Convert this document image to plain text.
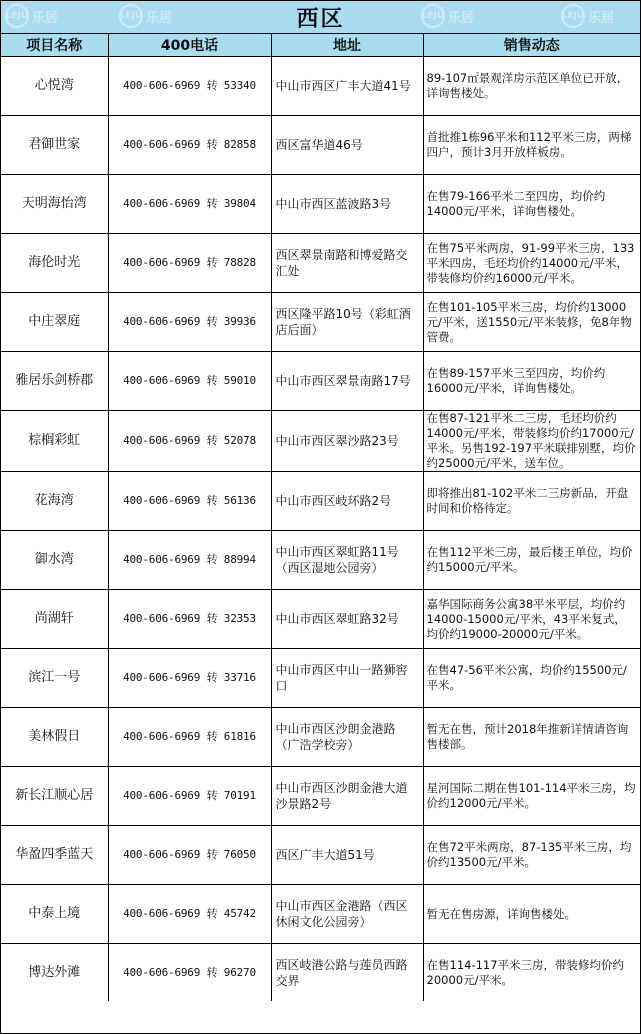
LEJU 乐居	LEJU 乐居	LEJU 乐居	LEJU 乐居
西区
项目名称	400电话	地址	销售动态
心悦湾	400-606-6969 转 53340	中山市西区广丰大道41号	89-107㎡景观洋房示范区单位已开放，详询售楼处。
君御世家	400-606-6969 转 82858	西区富华道46号	首批推1栋96平米和112平米三房，两梯四户，预计3月开放样板房。
天明海怡湾	400-606-6969 转 39804	中山市西区蓝波路3号	在售79-166平米二至四房，均价约14000元/平米，详询售楼处。
海伦时光	400-606-6969 转 78828	西区翠景南路和博爱路交汇处	在售75平米两房，91-99平米三房，133平米四房，毛坯均价约14000元/平米，带装修均价约16000元/平米。
中庄翠庭	400-606-6969 转 39936	西区隆平路10号（彩虹酒店后面）	在售101-105平米三房，均价约13000元/平米，送1550元/平米装修，免8年物管费。
雅居乐剑桥郡	400-606-6969 转 59010	中山市西区翠景南路17号	在售89-157平米三至四房，均价约16000元/平米，详询售楼处。
棕榈彩虹	400-606-6969 转 52078	中山市西区翠沙路23号	在售87-121平米二三房，毛坯均价约14000元/平米，带装修均价约17000元/平米。另售192-197平米联排别墅，均价约25000元/平米，送车位。
花海湾	400-606-6969 转 56136	中山市西区岐环路2号	即将推出81-102平米二三房新品，开盘时间和价格待定。
御水湾	400-606-6969 转 88994	中山市西区翠虹路11号（西区湿地公园旁）	在售112平米三房，最后楼王单位，均价约15000元/平米。
尚湖轩	400-606-6969 转 32353	中山市西区翠虹路32号	嘉华国际商务公寓38平米平层，均价约14000-15000元/平米，43平米复式，均价约19000-20000元/平米。
滨江一号	400-606-6969 转 33716	中山市西区中山一路狮窖口	在售47-56平米公寓，均价约15500元/平米。
美林假日	400-606-6969 转 61816	中山市西区沙朗金港路（广浩学校旁）	暂无在售，预计2018年推新详情请咨询售楼部。
新长江顺心居	400-606-6969 转 70191	中山市西区沙朗金港大道沙景路2号	星河国际二期在售101-114平米三房，均价约12000元/平米。
华盈四季蓝天	400-606-6969 转 76050	西区广丰大道51号	在售72平米两房，87-135平米三房，均价约13500元/平米。
中泰上境	400-606-6969 转 45742	中山市西区金港路（西区休闲文化公园旁）	暂无在售房源，详询售楼处。
博达外滩	400-606-6969 转 96270	西区岐港公路与莲员西路交界	在售114-117平米三房，带装修均价约20000元/平米。
